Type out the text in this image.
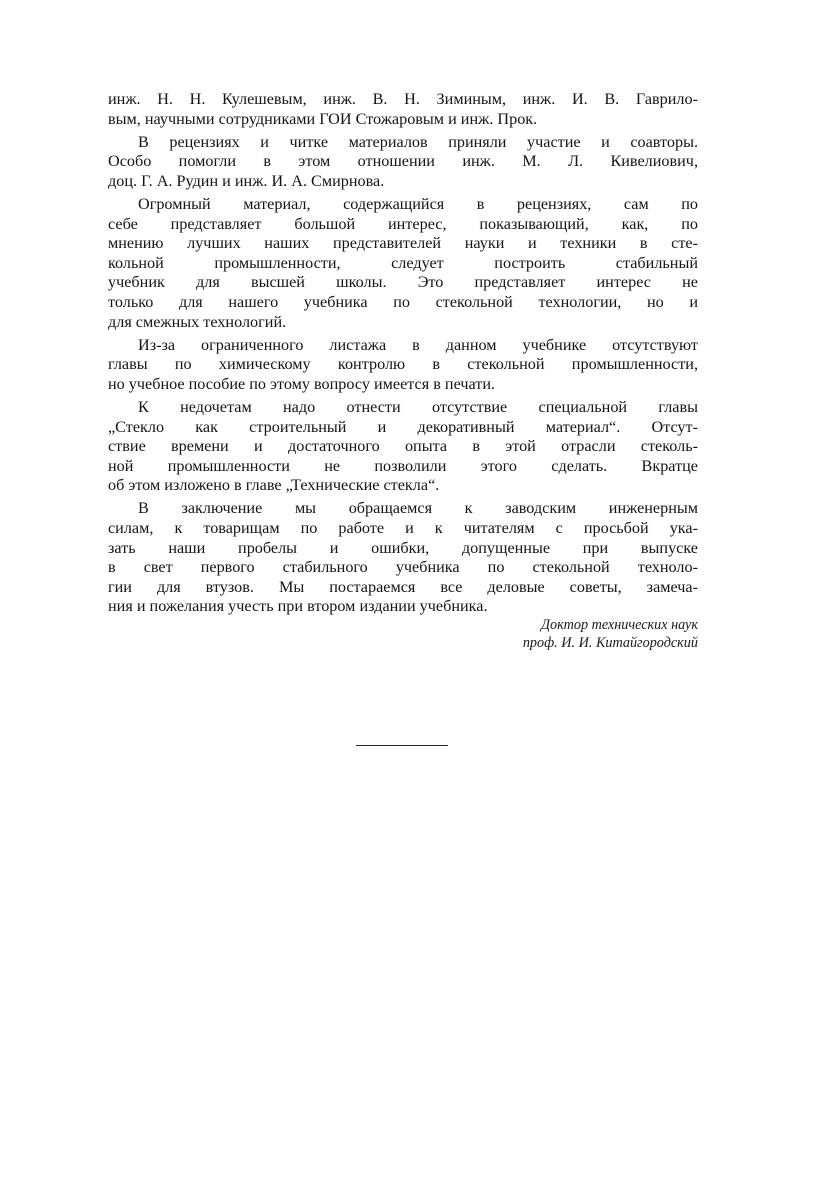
инж. Н. Н. Кулешевым, инж. В. Н. Зиминым, инж. И. В. Гаврило-
вым, научными сотрудниками ГОИ Стожаровым и инж. Прок.
В рецензиях и читке материалов приняли участие и соавторы.
Особо помогли в этом отношении инж. М. Л. Кивелиович,
доц. Г. А. Рудин и инж. И. А. Смирнова.
Огромный материал, содержащийся в рецензиях, сам по
себе представляет большой интерес, показывающий, как, по
мнению лучших наших представителей науки и техники в сте-
кольной промышленности, следует построить стабильный
учебник для высшей школы. Это представляет интерес не
только для нашего учебника по стекольной технологии, но и
для смежных технологий.
Из-за ограниченного листажа в данном учебнике отсутствуют
главы по химическому контролю в стекольной промышленности,
но учебное пособие по этому вопросу имеется в печати.
К недочетам надо отнести отсутствие специальной главы
„Стекло как строительный и декоративный материал“. Отсут-
ствие времени и достаточного опыта в этой отрасли стеколь-
ной промышленности не позволили этого сделать. Вкратце
об этом изложено в главе „Технические стекла“.
В заключение мы обращаемся к заводским инженерным
силам, к товарищам по работе и к читателям с просьбой ука-
зать наши пробелы и ошибки, допущенные при выпуске
в свет первого стабильного учебника по стекольной техноло-
гии для втузов. Мы постараемся все деловые советы, замеча-
ния и пожелания учесть при втором издании учебника.
Доктор технических наук
проф. И. И. Китайгородский
